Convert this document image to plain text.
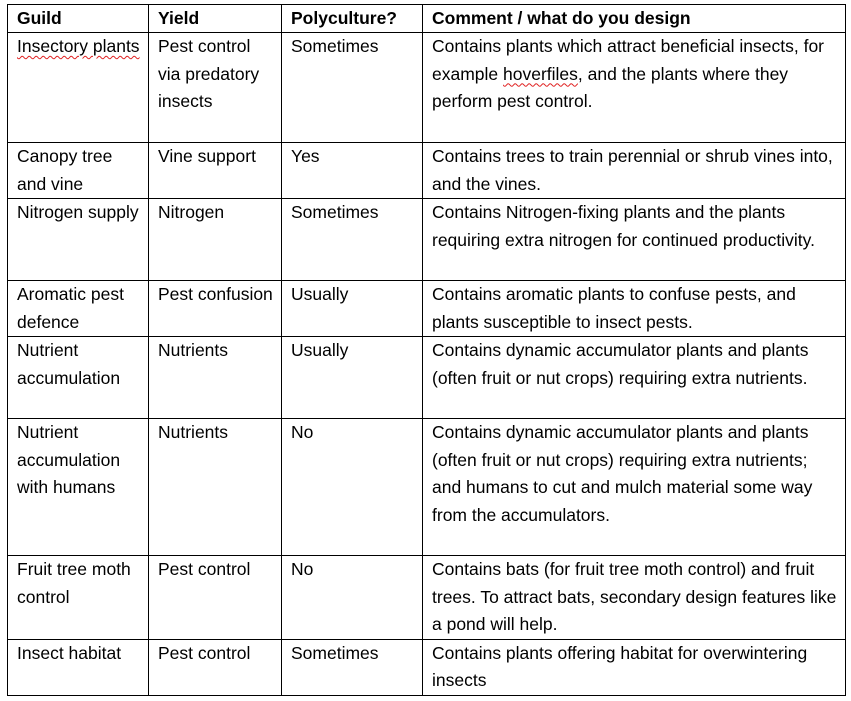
Guild	Yield	Polyculture?	Comment / what do you design
Insectory plants	Pest control via predatory insects	Sometimes	Contains plants which attract beneficial insects, for example hoverfiles, and the plants where they perform pest control.
Canopy tree and vine	Vine support	Yes	Contains trees to train perennial or shrub vines into, and the vines.
Nitrogen supply	Nitrogen	Sometimes	Contains Nitrogen-fixing plants and the plants requiring extra nitrogen for continued productivity.
Aromatic pest defence	Pest confusion	Usually	Contains aromatic plants to confuse pests, and plants susceptible to insect pests.
Nutrient accumulation	Nutrients	Usually	Contains dynamic accumulator plants and plants (often fruit or nut crops) requiring extra nutrients.
Nutrient accumulation with humans	Nutrients	No	Contains dynamic accumulator plants and plants (often fruit or nut crops) requiring extra nutrients; and humans to cut and mulch material some way from the accumulators.
Fruit tree moth control	Pest control	No	Contains bats (for fruit tree moth control) and fruit trees. To attract bats, secondary design features like a pond will help.
Insect habitat	Pest control	Sometimes	Contains plants offering habitat for overwintering insects
